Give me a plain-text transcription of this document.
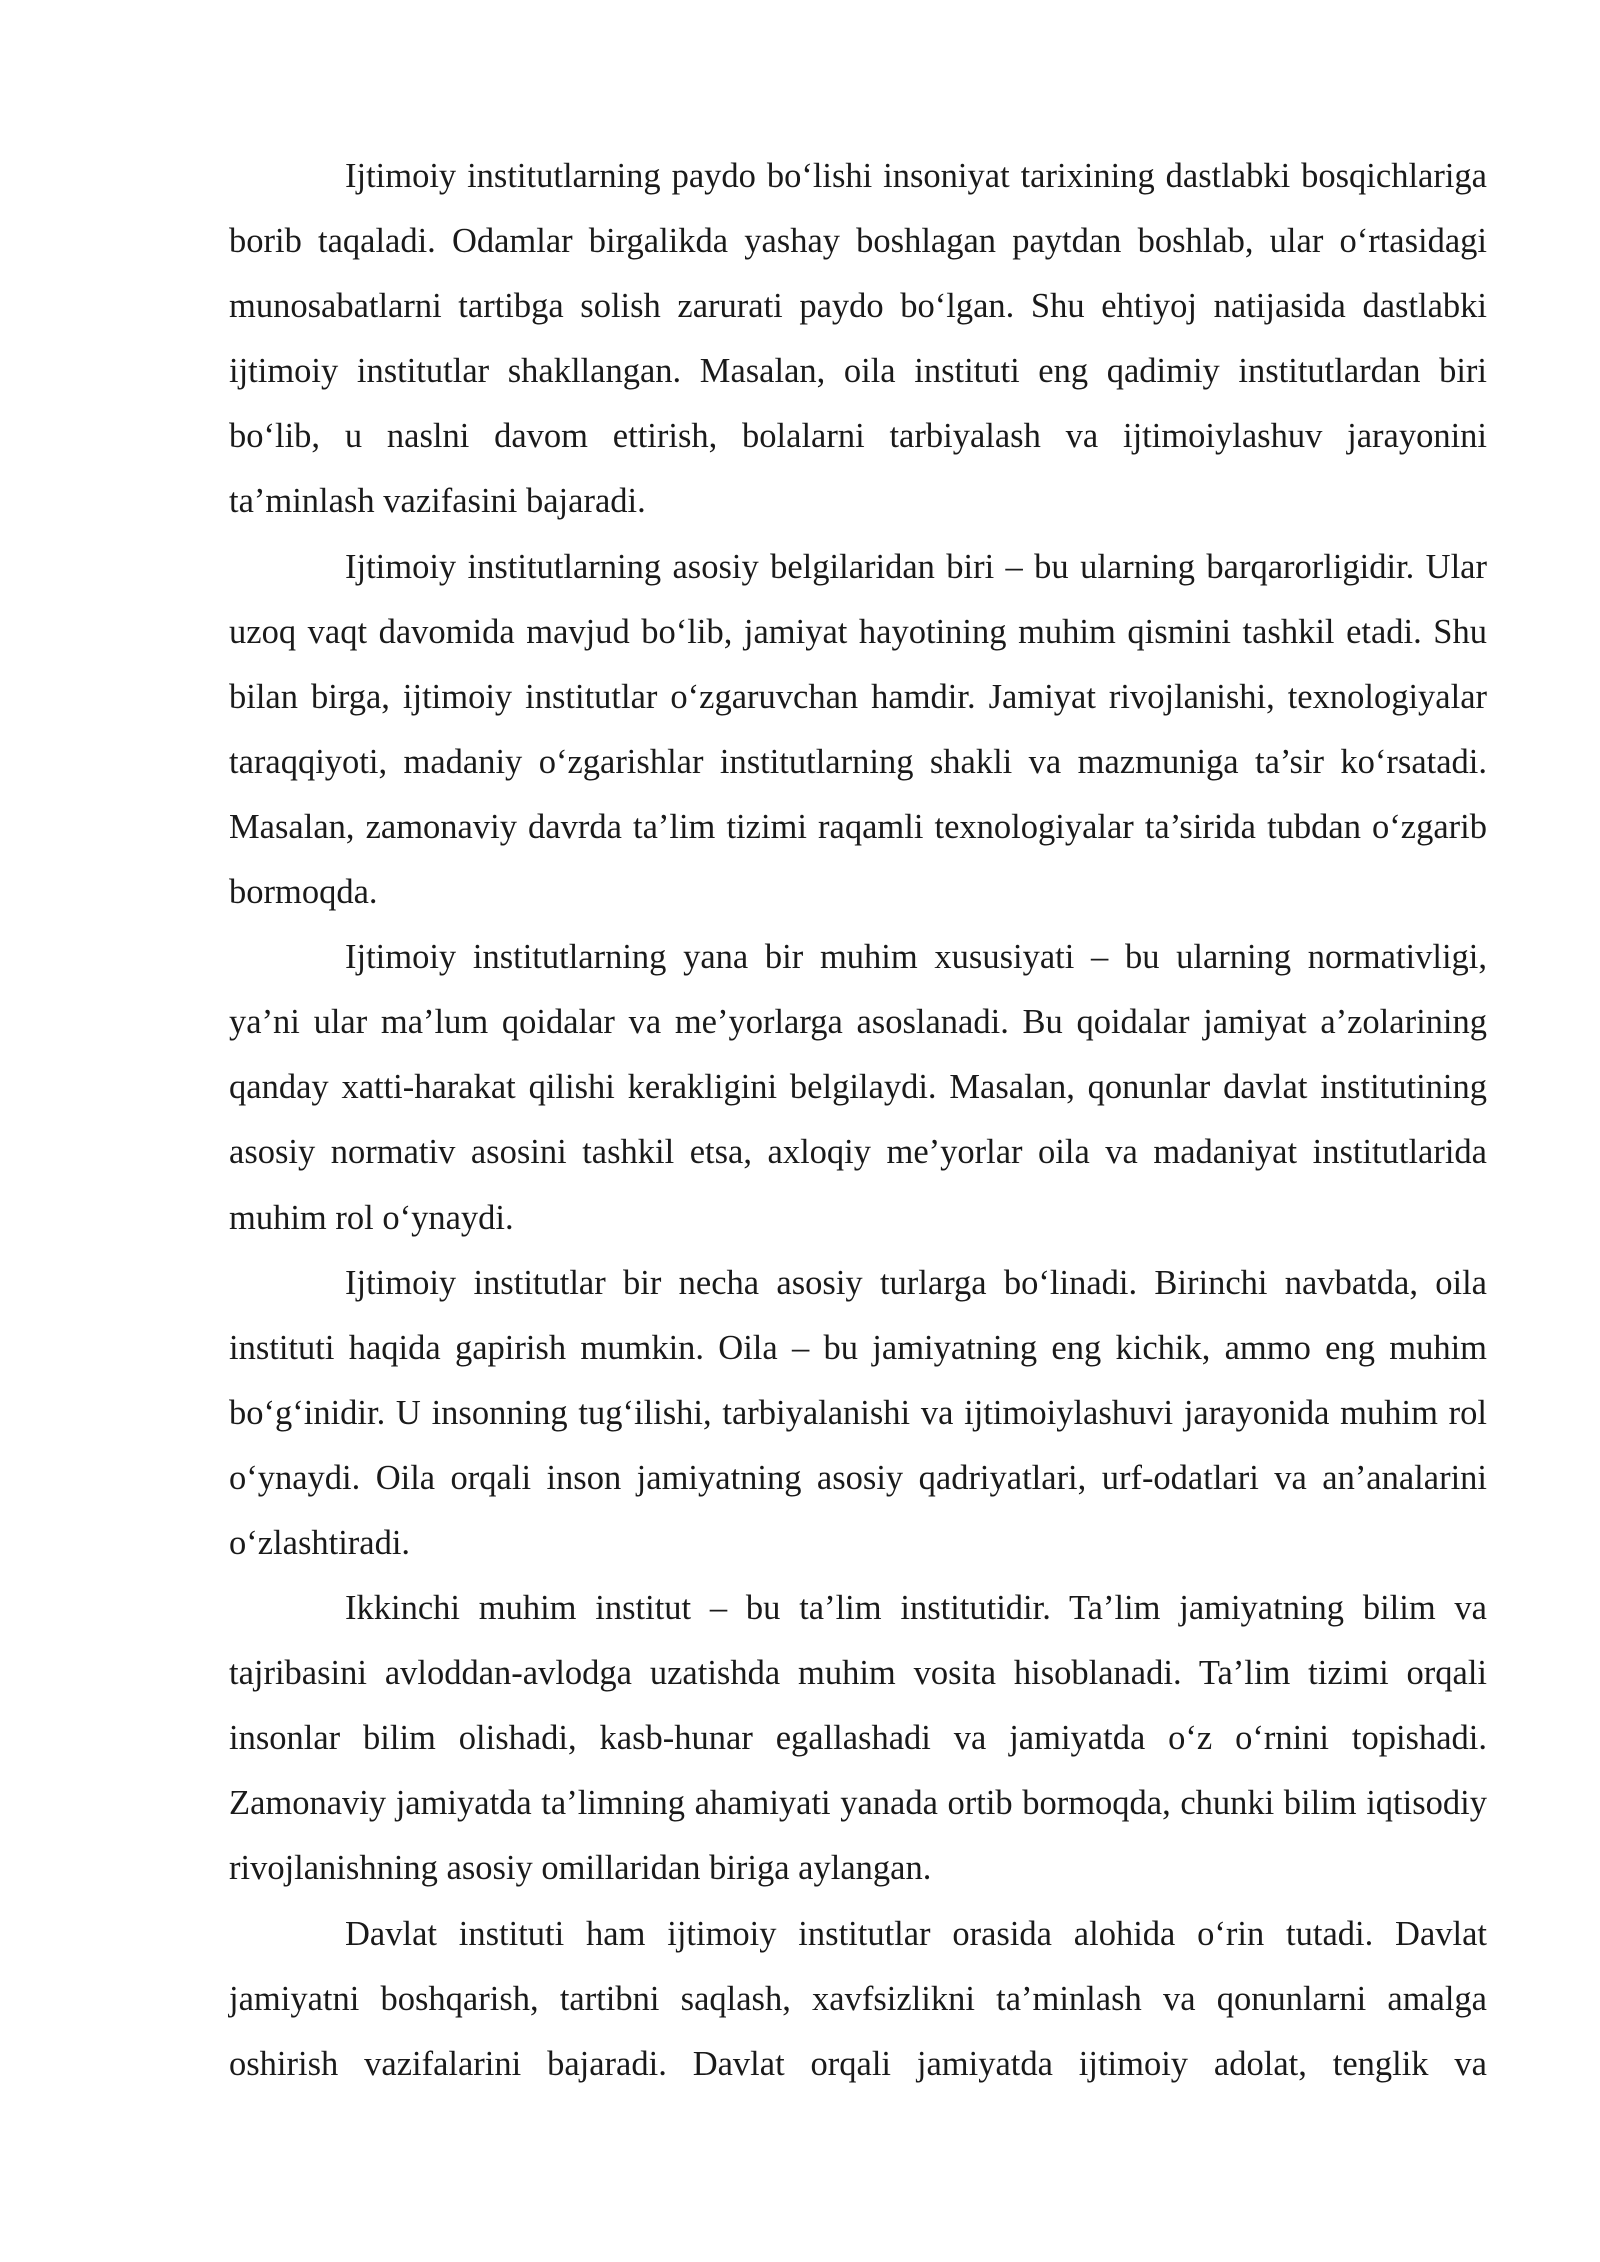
Ijtimoiy institutlarning paydo bo‘lishi insoniyat tarixining dastlabki bosqichlariga borib taqaladi. Odamlar birgalikda yashay boshlagan paytdan boshlab, ular o‘rtasidagi munosabatlarni tartibga solish zarurati paydo bo‘lgan. Shu ehtiyoj natijasida dastlabki ijtimoiy institutlar shakllangan. Masalan, oila instituti eng qadimiy institutlardan biri bo‘lib, u naslni davom ettirish, bolalarni tarbiyalash va ijtimoiylashuv jarayonini ta’minlash vazifasini bajaradi.

Ijtimoiy institutlarning asosiy belgilaridan biri – bu ularning barqarorligidir. Ular uzoq vaqt davomida mavjud bo‘lib, jamiyat hayotining muhim qismini tashkil etadi. Shu bilan birga, ijtimoiy institutlar o‘zgaruvchan hamdir. Jamiyat rivojlanishi, texnologiyalar taraqqiyoti, madaniy o‘zgarishlar institutlarning shakli va mazmuniga ta’sir ko‘rsatadi. Masalan, zamonaviy davrda ta’lim tizimi raqamli texnologiyalar ta’sirida tubdan o‘zgarib bormoqda.

Ijtimoiy institutlarning yana bir muhim xususiyati – bu ularning normativligi, ya’ni ular ma’lum qoidalar va me’yorlarga asoslanadi. Bu qoidalar jamiyat a’zolarining qanday xatti-harakat qilishi kerakligini belgilaydi. Masalan, qonunlar davlat institutining asosiy normativ asosini tashkil etsa, axloqiy me’yorlar oila va madaniyat institutlarida muhim rol o‘ynaydi.

Ijtimoiy institutlar bir necha asosiy turlarga bo‘linadi. Birinchi navbatda, oila instituti haqida gapirish mumkin. Oila – bu jamiyatning eng kichik, ammo eng muhim bo‘g‘inidir. U insonning tug‘ilishi, tarbiyalanishi va ijtimoiylashuvi jarayonida muhim rol o‘ynaydi. Oila orqali inson jamiyatning asosiy qadriyatlari, urf-odatlari va an’analarini o‘zlashtiradi.

Ikkinchi muhim institut – bu ta’lim institutidir. Ta’lim jamiyatning bilim va tajribasini avloddan-avlodga uzatishda muhim vosita hisoblanadi. Ta’lim tizimi orqali insonlar bilim olishadi, kasb-hunar egallashadi va jamiyatda o‘z o‘rnini topishadi. Zamonaviy jamiyatda ta’limning ahamiyati yanada ortib bormoqda, chunki bilim iqtisodiy rivojlanishning asosiy omillaridan biriga aylangan.

Davlat instituti ham ijtimoiy institutlar orasida alohida o‘rin tutadi. Davlat jamiyatni boshqarish, tartibni saqlash, xavfsizlikni ta’minlash va qonunlarni amalga oshirish vazifalarini bajaradi. Davlat orqali jamiyatda ijtimoiy adolat, tenglik va
